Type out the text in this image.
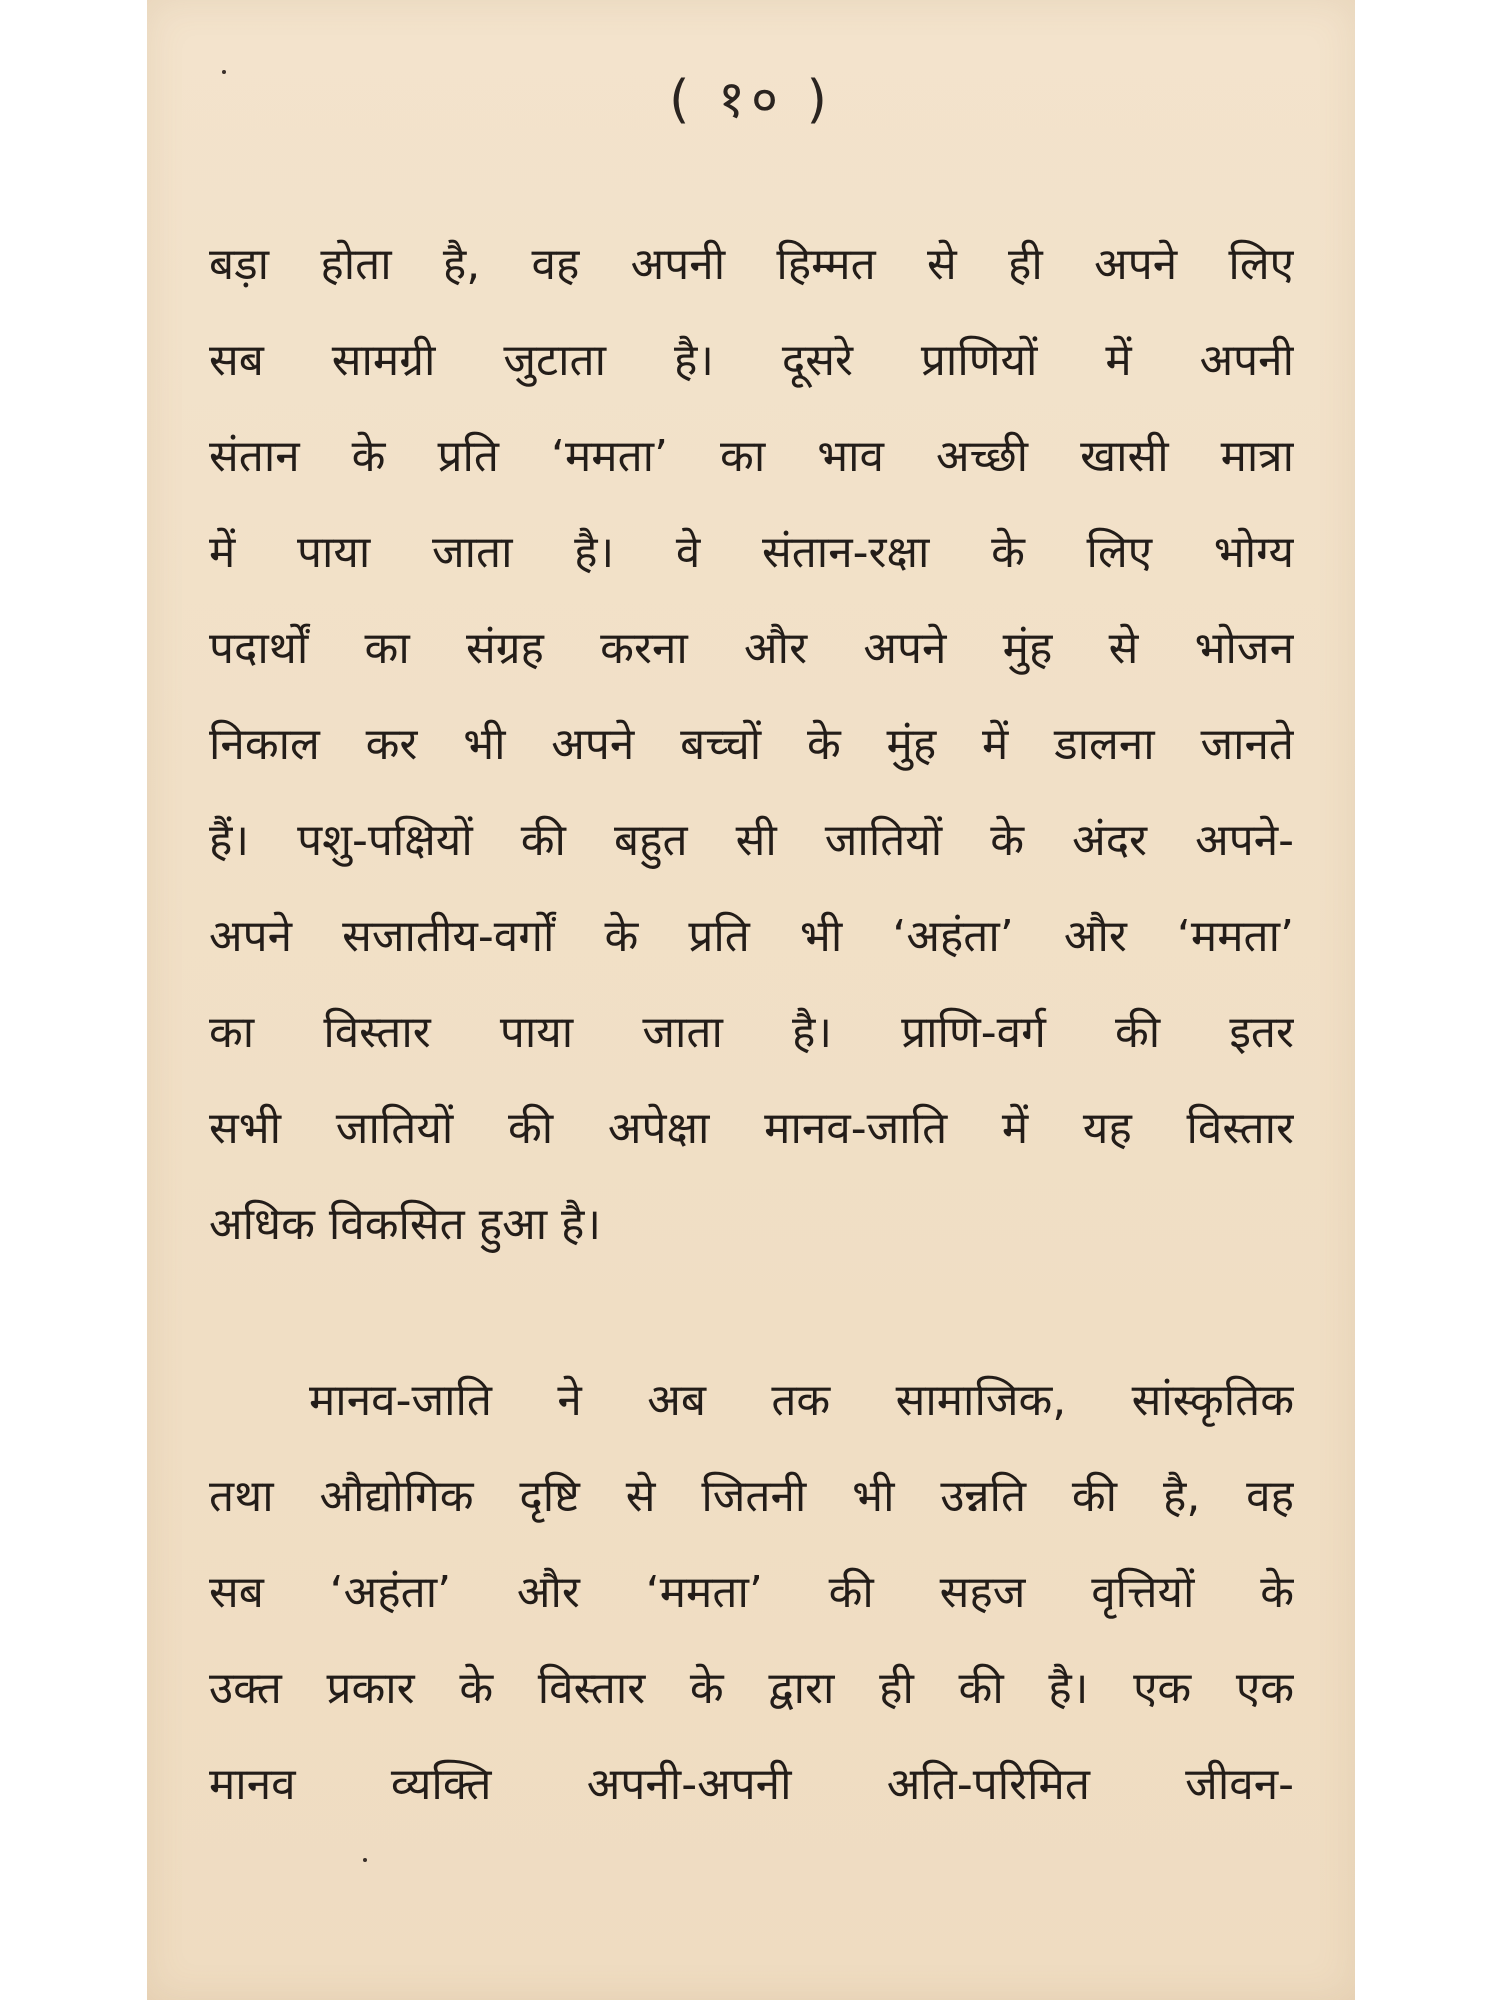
( १० )
बड़ा होता है, वह अपनी हिम्मत से ही अपने लिए
सब सामग्री जुटाता है। दूसरे प्राणियों में अपनी
संतान के प्रति ‘ममता’ का भाव अच्छी खासी मात्रा
में पाया जाता है। वे संतान-रक्षा के लिए भोग्य
पदार्थों का संग्रह करना और अपने मुंह से भोजन
निकाल कर भी अपने बच्चों के मुंह में डालना जानते
हैं। पशु-पक्षियों की बहुत सी जातियों के अंदर अपने-
अपने सजातीय-वर्गों के प्रति भी ‘अहंता’ और ‘ममता’
का विस्तार पाया जाता है। प्राणि-वर्ग की इतर
सभी जातियों की अपेक्षा मानव-जाति में यह विस्तार
अधिक विकसित हुआ है।
मानव-जाति ने अब तक सामाजिक, सांस्कृतिक
तथा औद्योगिक दृष्टि से जितनी भी उन्नति की है, वह
सब ‘अहंता’ और ‘ममता’ की सहज वृत्तियों के
उक्त प्रकार के विस्तार के द्वारा ही की है। एक एक
मानव व्यक्ति अपनी-अपनी अति-परिमित जीवन-
